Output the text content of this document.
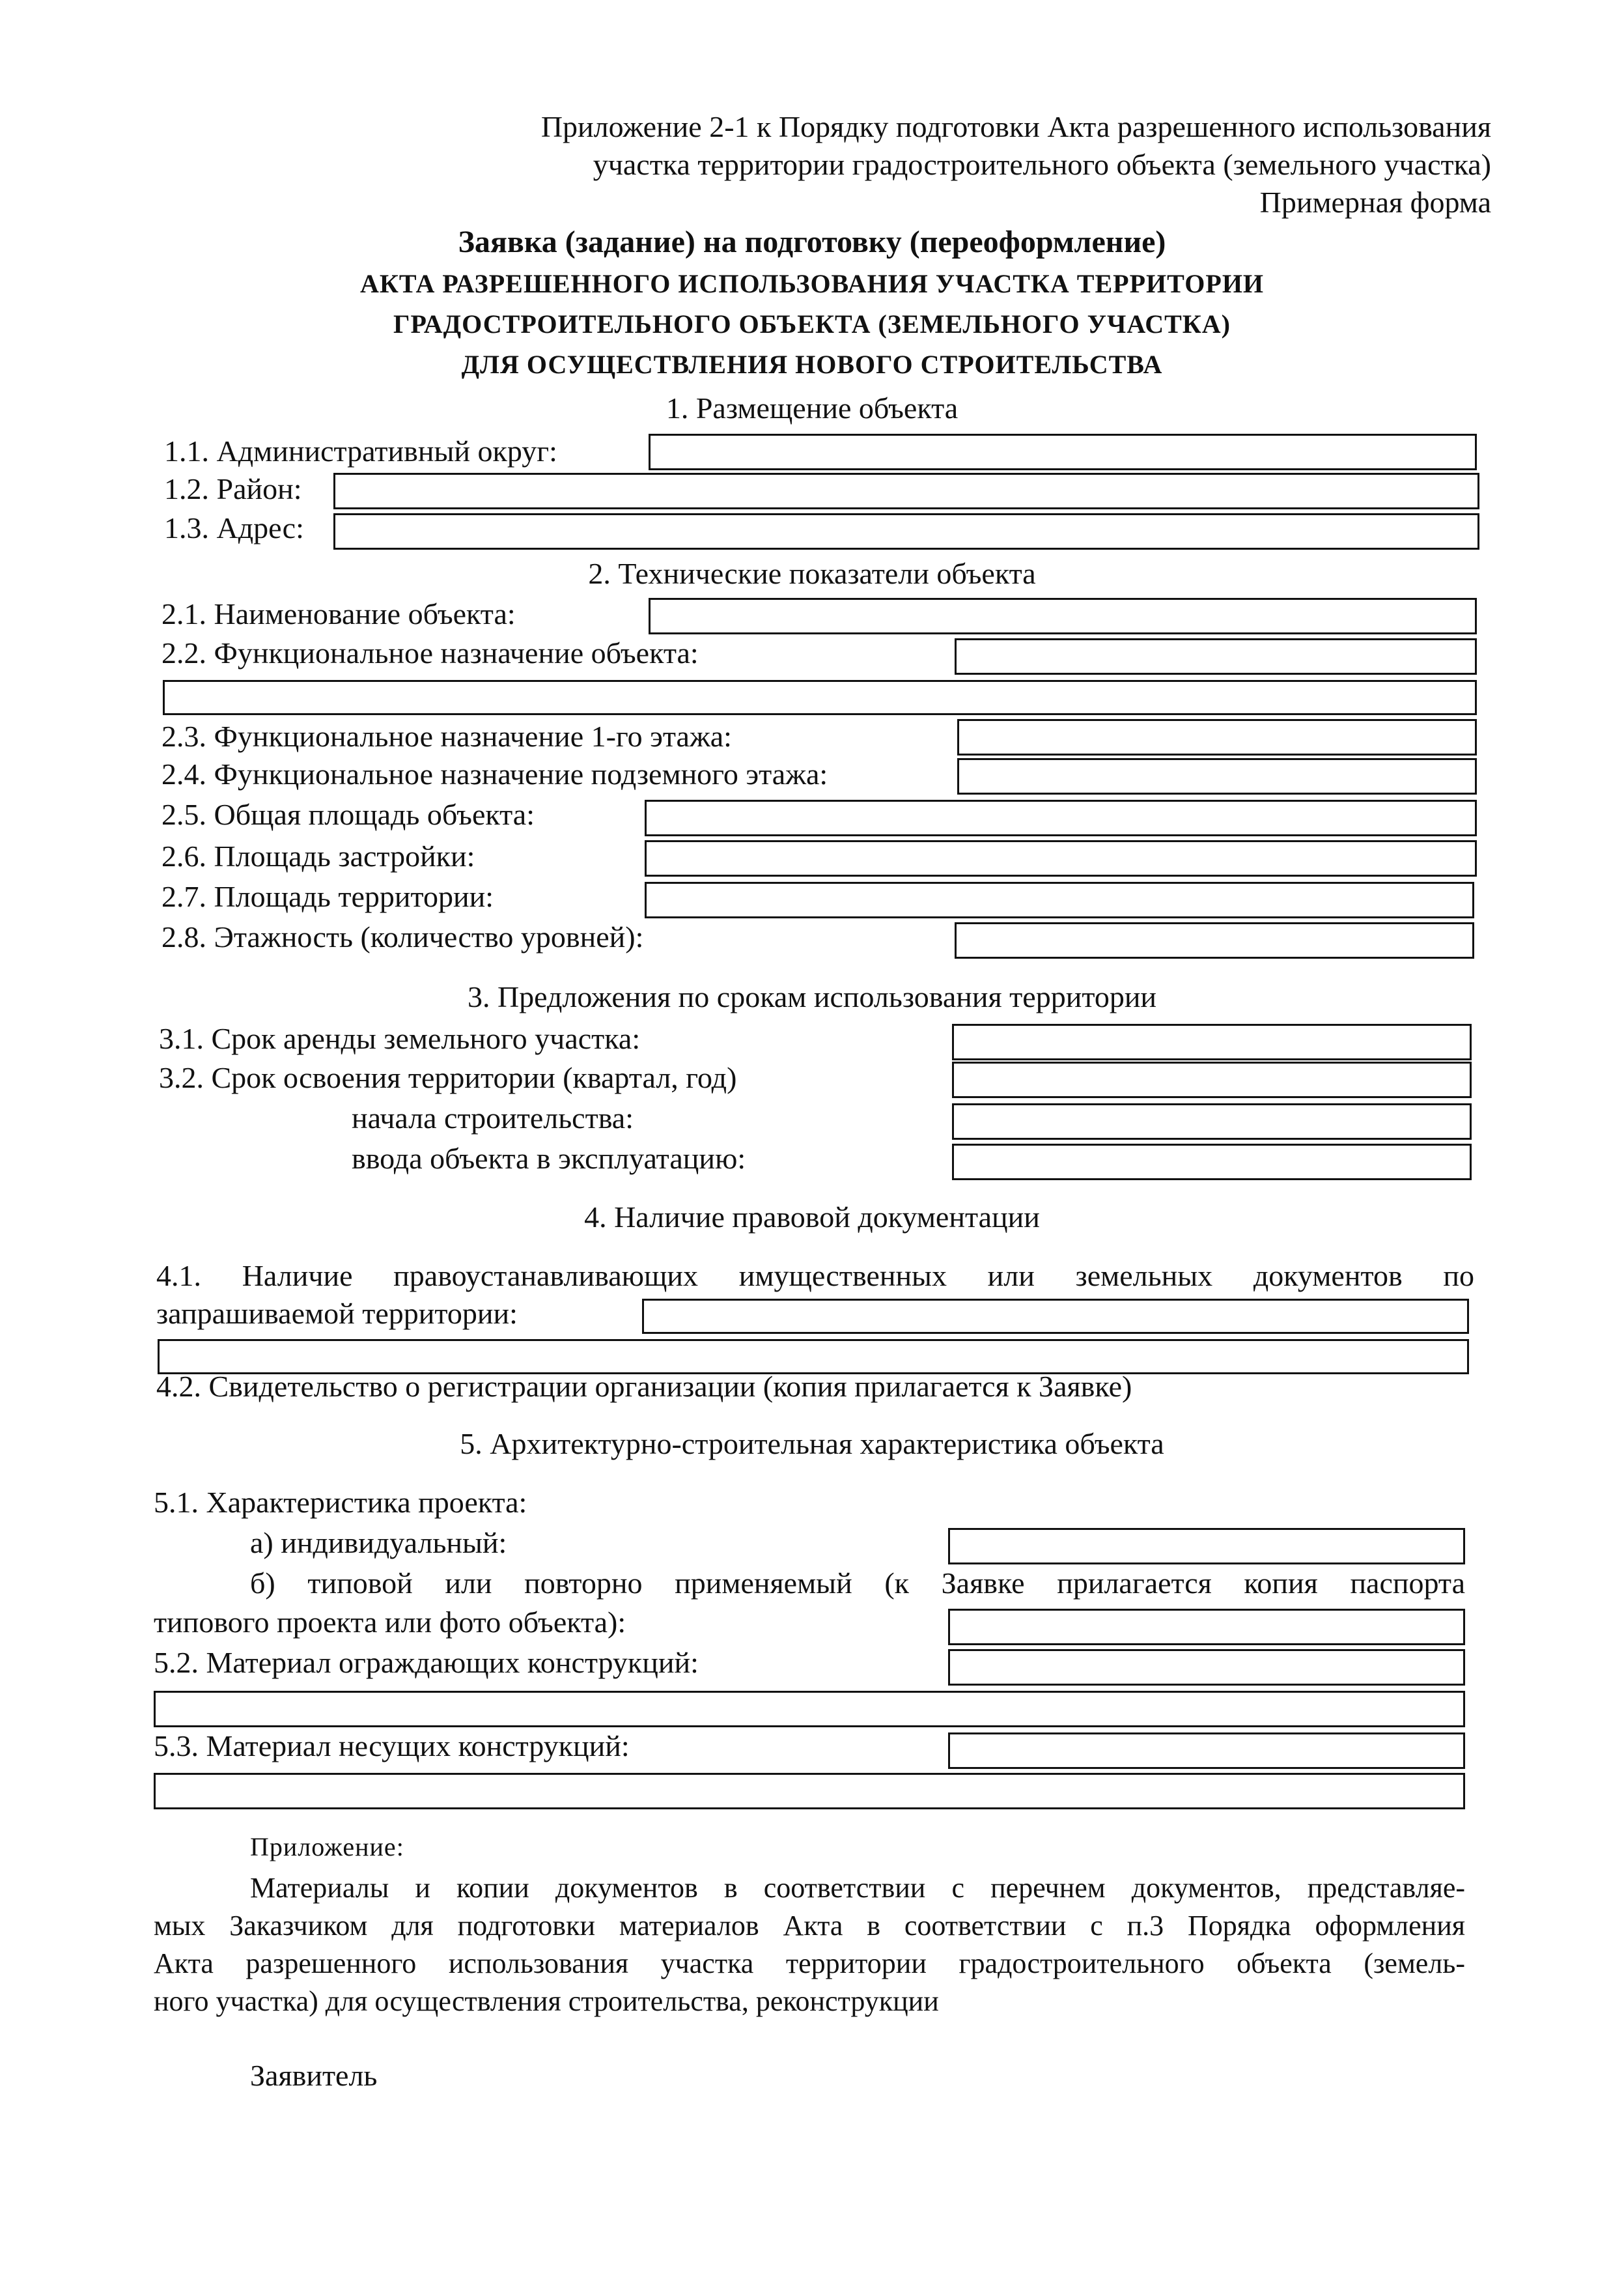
Приложение 2-1 к Порядку подготовки Акта разрешенного использования
участка территории градостроительного объекта (земельного участка)
Примерная форма
Заявка (задание) на подготовку (переоформление)
АКТА РАЗРЕШЕННОГО ИСПОЛЬЗОВАНИЯ УЧАСТКА ТЕРРИТОРИИ
ГРАДОСТРОИТЕЛЬНОГО ОБЪЕКТА (ЗЕМЕЛЬНОГО УЧАСТКА)
ДЛЯ ОСУЩЕСТВЛЕНИЯ НОВОГО СТРОИТЕЛЬСТВА
1. Размещение объекта
1.1. Административный округ:
1.2. Район:
1.3. Адрес:
2. Технические показатели объекта
2.1. Наименование объекта:
2.2. Функциональное назначение объекта:
2.3. Функциональное назначение 1-го этажа:
2.4. Функциональное назначение подземного этажа:
2.5. Общая площадь объекта:
2.6. Площадь застройки:
2.7. Площадь территории:
2.8. Этажность (количество уровней):
3. Предложения по срокам использования территории
3.1. Срок аренды земельного участка:
3.2. Срок освоения территории (квартал, год)
начала строительства:
ввода объекта в эксплуатацию:
4. Наличие правовой документации
4.1. Наличие правоустанавливающих имущественных или земельных документов по
запрашиваемой территории:
4.2. Свидетельство о регистрации организации (копия прилагается к Заявке)
5. Архитектурно-строительная характеристика объекта
5.1. Характеристика проекта:
а) индивидуальный:
б) типовой или повторно применяемый (к Заявке прилагается копия паспорта
типового проекта или фото объекта):
5.2. Материал ограждающих конструкций:
5.3. Материал несущих конструкций:
Приложение:
Материалы и копии документов в соответствии с перечнем документов, представляе-
мых Заказчиком для подготовки материалов Акта в соответствии с п.3 Порядка оформления
Акта разрешенного использования участка территории градостроительного объекта (земель-
ного участка) для осуществления строительства, реконструкции
Заявитель
